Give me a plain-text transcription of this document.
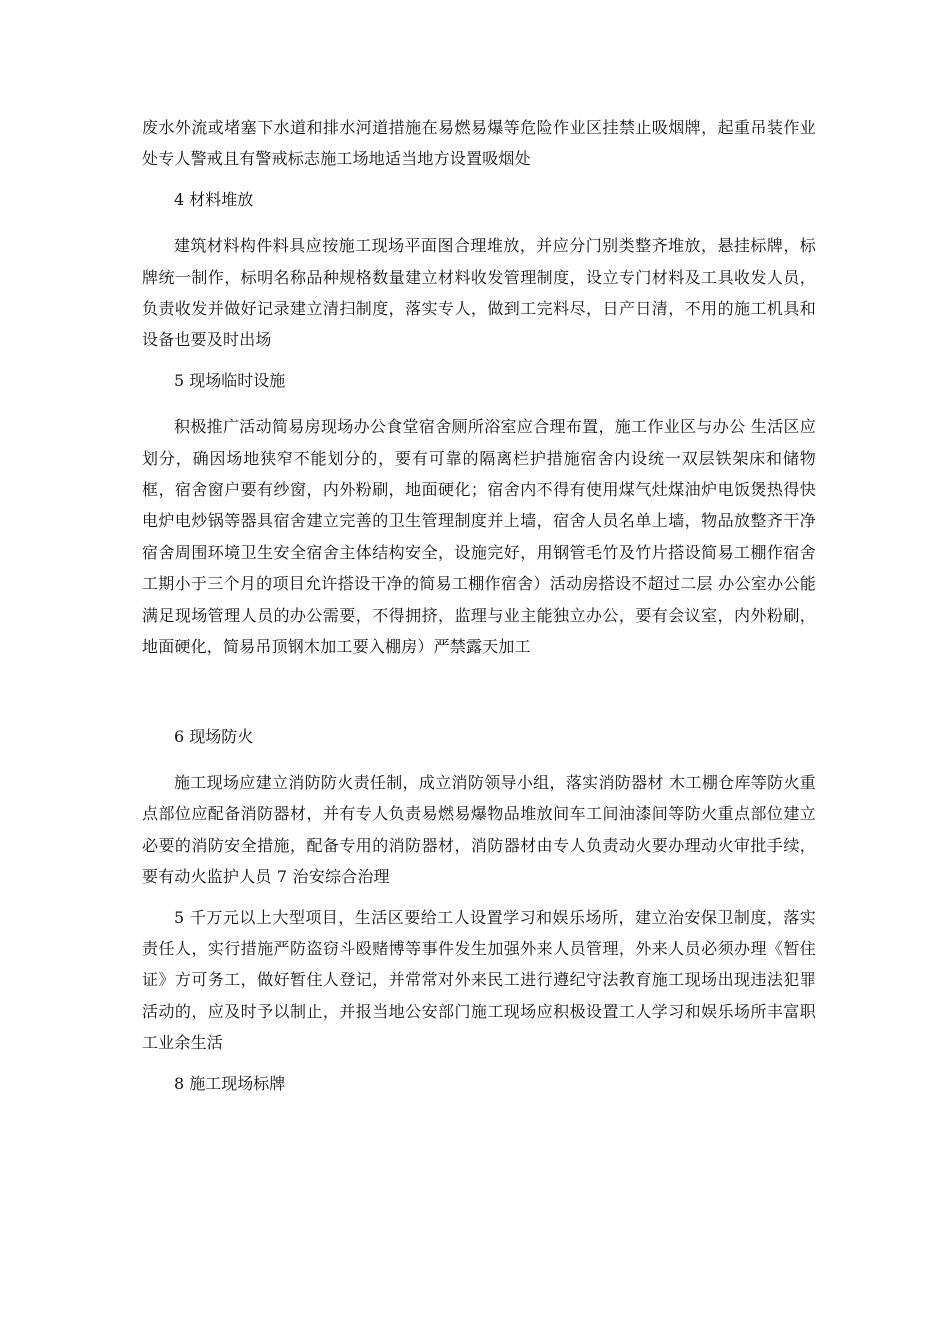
废水外流或堵塞下水道和排水河道措施在易燃易爆等危险作业区挂禁止吸烟牌，起重吊装作业处专人警戒且有警戒标志施工场地适当地方设置吸烟处

4 材料堆放

建筑材料构件料具应按施工现场平面图合理堆放，并应分门别类整齐堆放，悬挂标牌，标牌统一制作，标明名称品种规格数量建立材料收发管理制度，设立专门材料及工具收发人员，负责收发并做好记录建立清扫制度，落实专人，做到工完料尽，日产日清，不用的施工机具和设备也要及时出场

5 现场临时设施

积极推广活动简易房现场办公食堂宿舍厕所浴室应合理布置，施工作业区与办公 生活区应划分，确因场地狭窄不能划分的，要有可靠的隔离栏护措施宿舍内设统一双层铁架床和储物框，宿舍窗户要有纱窗，内外粉刷，地面硬化；宿舍内不得有使用煤气灶煤油炉电饭煲热得快电炉电炒锅等器具宿舍建立完善的卫生管理制度并上墙，宿舍人员名单上墙，物品放整齐干净宿舍周围环境卫生安全宿舍主体结构安全，设施完好，用钢管毛竹及竹片搭设简易工棚作宿舍工期小于三个月的项目允许搭设干净的简易工棚作宿舍）活动房搭设不超过二层 办公室办公能满足现场管理人员的办公需要，不得拥挤，监理与业主能独立办公，要有会议室，内外粉刷，地面硬化，简易吊顶钢木加工要入棚房）严禁露天加工

6 现场防火

施工现场应建立消防防火责任制，成立消防领导小组，落实消防器材 木工棚仓库等防火重点部位应配备消防器材，并有专人负责易燃易爆物品堆放间车工间油漆间等防火重点部位建立必要的消防安全措施，配备专用的消防器材，消防器材由专人负责动火要办理动火审批手续，要有动火监护人员 7 治安综合治理

5 千万元以上大型项目，生活区要给工人设置学习和娱乐场所，建立治安保卫制度，落实责任人，实行措施严防盗窃斗殴赌博等事件发生加强外来人员管理，外来人员必须办理《暂住证》方可务工，做好暂住人登记，并常常对外来民工进行遵纪守法教育施工现场出现违法犯罪活动的，应及时予以制止，并报当地公安部门施工现场应积极设置工人学习和娱乐场所丰富职工业余生活

8 施工现场标牌
